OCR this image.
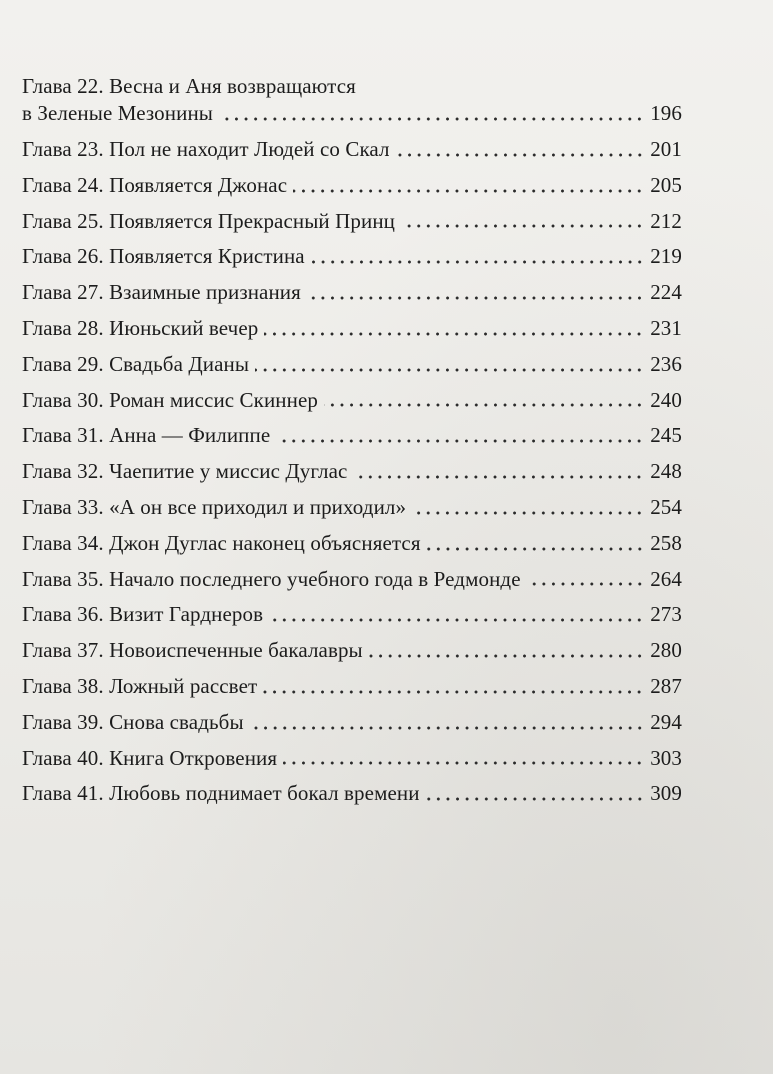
Глава 22. Весна и Аня возвращаются
в Зеленые Мезонины	196
Глава 23. Пол не находит Людей со Скал	201
Глава 24. Появляется Джонас	205
Глава 25. Появляется Прекрасный Принц	212
Глава 26. Появляется Кристина	219
Глава 27. Взаимные признания	224
Глава 28. Июньский вечер	231
Глава 29. Свадьба Дианы	236
Глава 30. Роман миссис Скиннер	240
Глава 31. Анна — Филиппе	245
Глава 32. Чаепитие у миссис Дуглас	248
Глава 33. «А он все приходил и приходил»	254
Глава 34. Джон Дуглас наконец объясняется	258
Глава 35. Начало последнего учебного года в Редмонде	264
Глава 36. Визит Гарднеров	273
Глава 37. Новоиспеченные бакалавры	280
Глава 38. Ложный рассвет	287
Глава 39. Снова свадьбы	294
Глава 40. Книга Откровения	303
Глава 41. Любовь поднимает бокал времени	309
